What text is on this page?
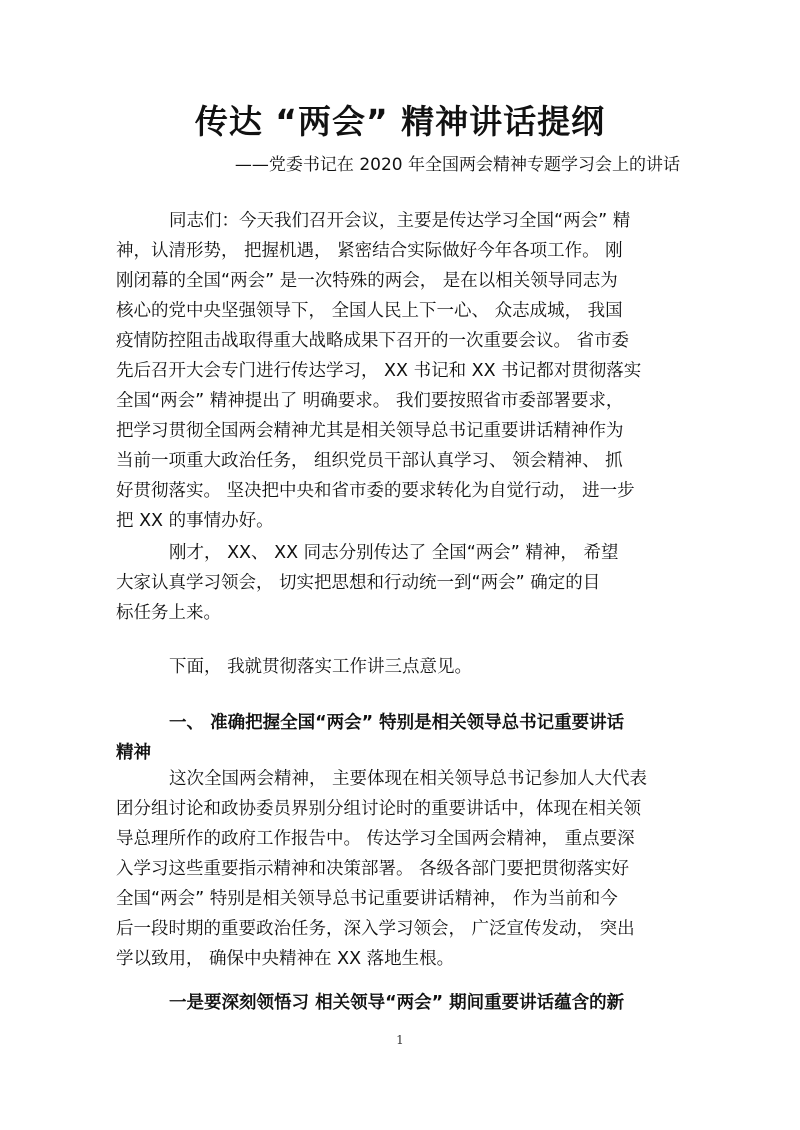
传达 “两会” 精神讲话提纲
——党委书记在 2020 年全国两会精神专题学习会上的讲话

同志们：今天我们召开会议，主要是传达学习全国“两会” 精
神，认清形势， 把握机遇， 紧密结合实际做好今年各项工作。 刚
刚闭幕的全国“两会” 是一次特殊的两会， 是在以相关领导同志为
核心的党中央坚强领导下， 全国人民上下一心、 众志成城， 我国
疫情防控阻击战取得重大战略成果下召开的一次重要会议。 省市委
先后召开大会专门进行传达学习， XX 书记和 XX 书记都对贯彻落实
全国“两会” 精神提出了 明确要求。 我们要按照省市委部署要求，
把学习贯彻全国两会精神尤其是相关领导总书记重要讲话精神作为
当前一项重大政治任务， 组织党员干部认真学习、 领会精神、 抓
好贯彻落实。 坚决把中央和省市委的要求转化为自觉行动， 进一步
把 XX 的事情办好。

刚才， XX、 XX 同志分别传达了 全国“两会” 精神， 希望
大家认真学习领会， 切实把思想和行动统一到“两会” 确定的目
标任务上来。

下面， 我就贯彻落实工作讲三点意见。

一、 准确把握全国“两会” 特别是相关领导总书记重要讲话
精神

这次全国两会精神， 主要体现在相关领导总书记参加人大代表
团分组讨论和政协委员界别分组讨论时的重要讲话中，体现在相关领
导总理所作的政府工作报告中。 传达学习全国两会精神， 重点要深
入学习这些重要指示精神和决策部署。 各级各部门要把贯彻落实好
全国“两会” 特别是相关领导总书记重要讲话精神， 作为当前和今
后一段时期的重要政治任务，深入学习领会， 广泛宣传发动， 突出
学以致用， 确保中央精神在 XX 落地生根。

一是要深刻领悟习 相关领导“两会” 期间重要讲话蕴含的新

1
